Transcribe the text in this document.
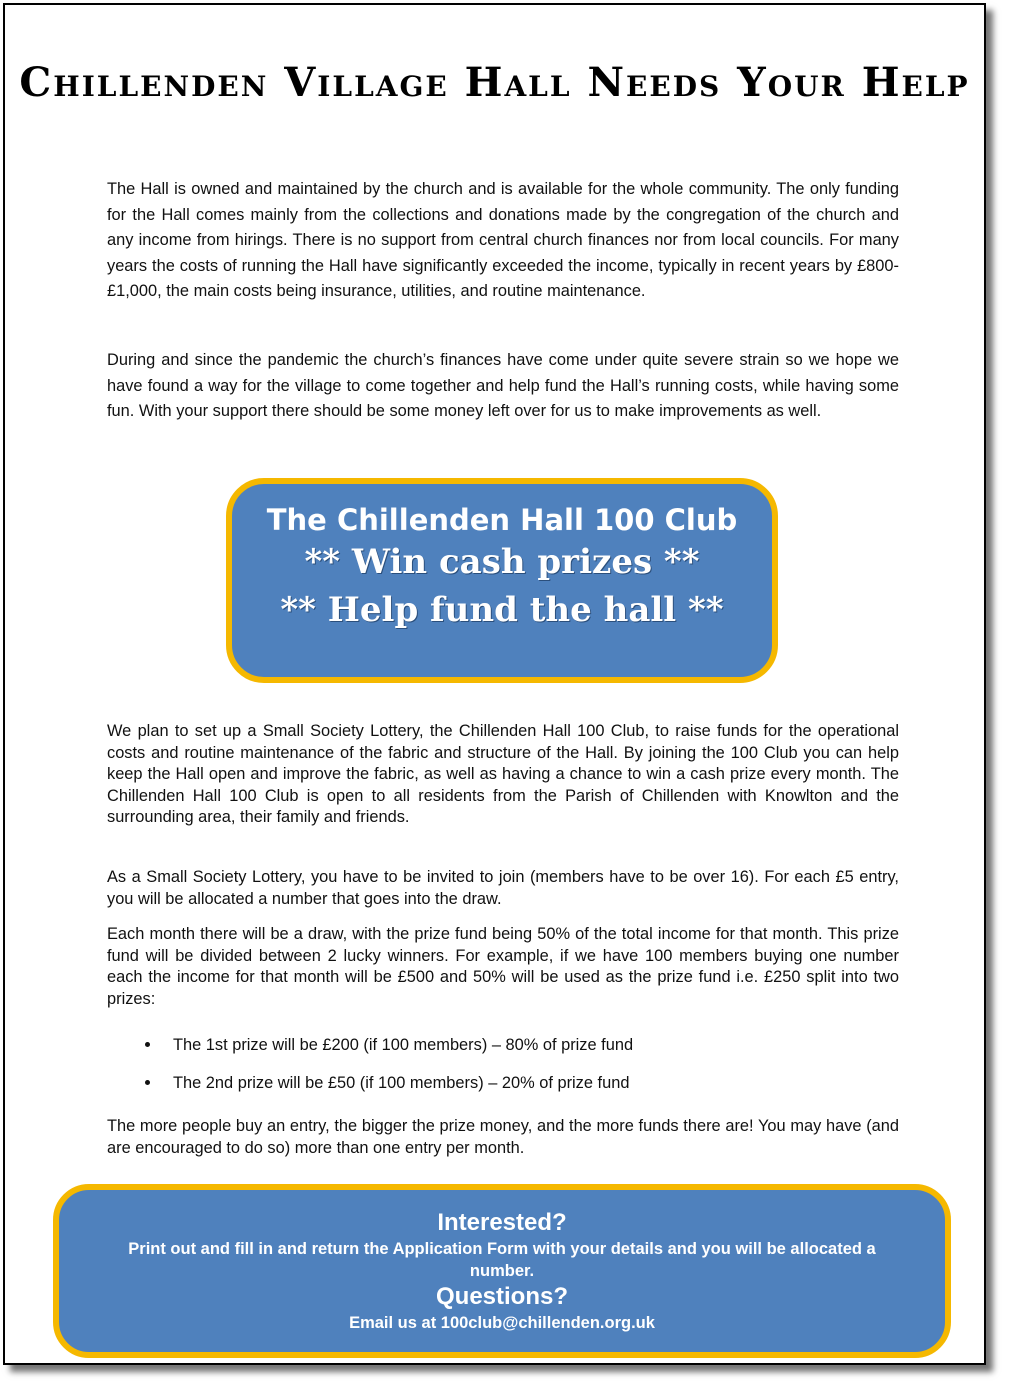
Chillenden Village Hall Needs Your Help

The Hall is owned and maintained by the church and is available for the whole community. The only funding for the Hall comes mainly from the collections and donations made by the congregation of the church and any income from hirings. There is no support from central church finances nor from local councils. For many years the costs of running the Hall have significantly exceeded the income, typically in recent years by £800-£1,000, the main costs being insurance, utilities, and routine maintenance.

During and since the pandemic the church’s finances have come under quite severe strain so we hope we have found a way for the village to come together and help fund the Hall’s running costs, while having some fun. With your support there should be some money left over for us to make improvements as well.

The Chillenden Hall 100 Club
** Win cash prizes **
** Help fund the hall **

We plan to set up a Small Society Lottery, the Chillenden Hall 100 Club, to raise funds for the operational costs and routine maintenance of the fabric and structure of the Hall. By joining the 100 Club you can help keep the Hall open and improve the fabric, as well as having a chance to win a cash prize every month. The Chillenden Hall 100 Club is open to all residents from the Parish of Chillenden with Knowlton and the surrounding area, their family and friends.

As a Small Society Lottery, you have to be invited to join (members have to be over 16). For each £5 entry, you will be allocated a number that goes into the draw.

Each month there will be a draw, with the prize fund being 50% of the total income for that month. This prize fund will be divided between 2 lucky winners. For example, if we have 100 members buying one number each the income for that month will be £500 and 50% will be used as the prize fund i.e. £250 split into two prizes:

The 1st prize will be £200 (if 100 members) – 80% of prize fund
The 2nd prize will be £50 (if 100 members) – 20% of prize fund

The more people buy an entry, the bigger the prize money, and the more funds there are! You may have (and are encouraged to do so) more than one entry per month.

Interested?
Print out and fill in and return the Application Form with your details and you will be allocated a number.
Questions?
Email us at 100club@chillenden.org.uk
